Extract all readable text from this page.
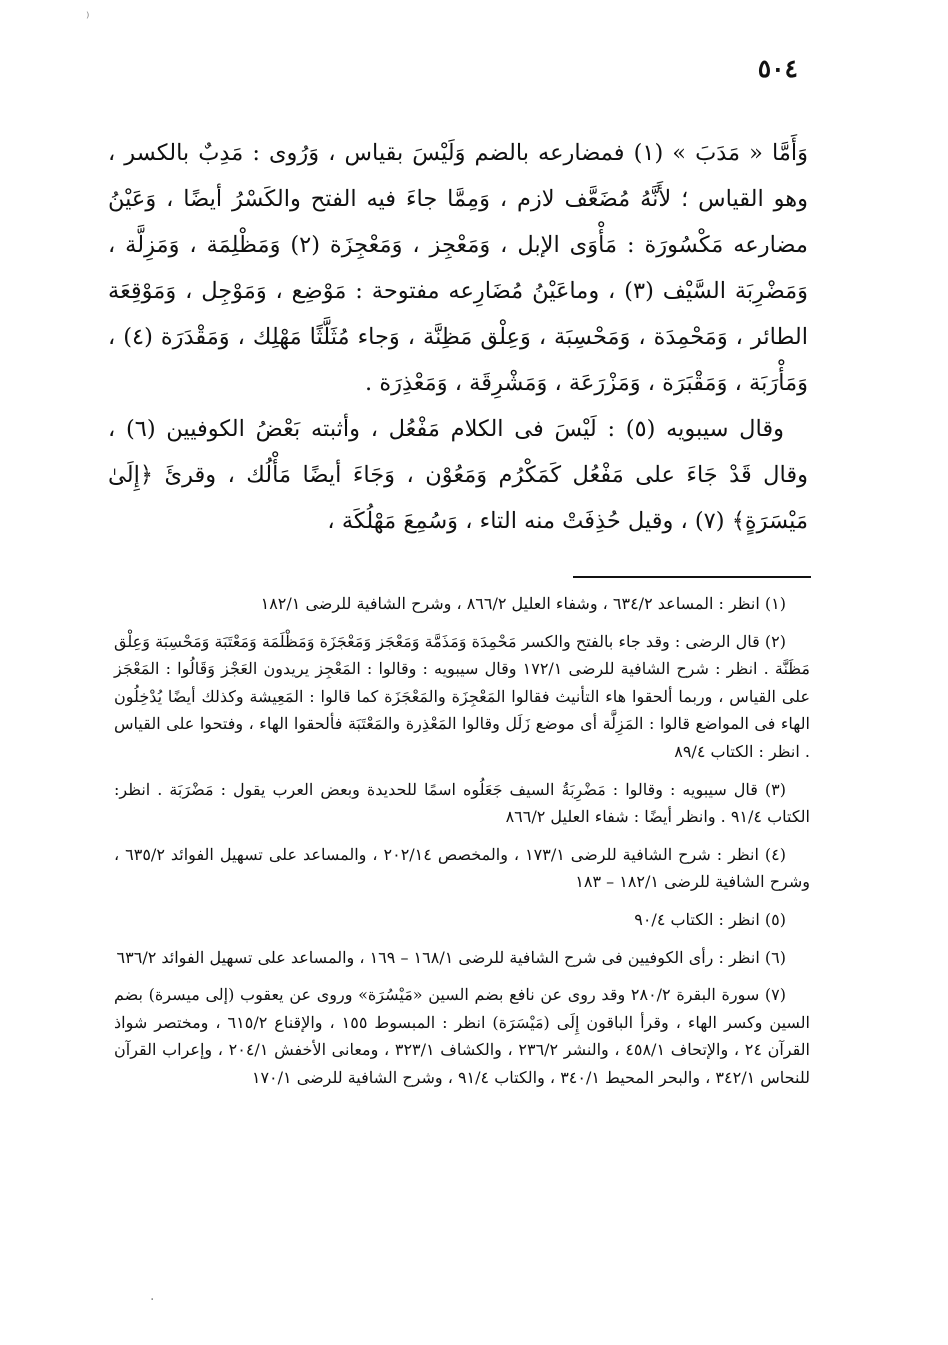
٥٠٤

وَأَمَّا « مَدَبَ » (١) فمضارعه بالضم وَلَيْسَ بقياس ، وَرُوى : مَدِبٌ بالكسر ، وهو القياس ؛ لأَنَّهُ مُضَعَّف لازم ، وَمِمَّا جاءَ فيه الفتح والكَسْرُ أيضًا ، وَعَيْنُ مضارعه مَكْسُورَة : مَأْوَى الإبل ، وَمَعْجِز ، وَمَعْجِزَة (٢) وَمَظْلِمَة ، وَمَزِلَّة ، وَمَضْرِبَة السَّيْف (٣) ، وماعَيْنُ مُضَارِعه مفتوحة : مَوْضِع ، وَمَوْجِل ، وَمَوْقِعَة الطائر ، وَمَحْمِدَة ، وَمَحْسِبَة ، وَعِلْق مَظِنَّة ، وَجاء مُثَلَّثًا مَهْلِك ، وَمَقْدَرَة (٤) ، وَمَأْرَبَة ، وَمَقْبَرَة ، وَمَزْرَعَة ، وَمَشْرِقَة ، وَمَعْذِرَة .

وقال سيبويه (٥) : لَيْسَ فى الكلام مَفْعُل ، وأثبته بَعْضُ الكوفيين (٦) ، وقال قَدْ جَاءَ على مَفْعُل كَمَكْرُم وَمَعُوْن ، وَجَاءَ أيضًا مَأْلُك ، وقرئَ ﴿إِلَىٰ مَيْسَرَةٍ﴾ (٧) ، وقيل حُذِفَتْ منه التاء ، وَسُمِعَ مَهْلُكَة ،

(١) انظر : المساعد ٦٣٤/٢ ، وشفاء العليل ٨٦٦/٢ ، وشرح الشافية للرضى ١٨٢/١

(٢) قال الرضى : وقد جاء بالفتح والكسر مَحْمِدَة وَمَذَمَّة وَمَعْجَز وَمَعْجَزَة وَمَظْلَمَة وَمَعْتَبَة وَمَحْسِبَة وَعِلْق مَظَنَّة . انظر : شرح الشافية للرضى ١٧٢/١ وقال سيبويه : وقالوا : المَعْجِز يريدون العَجْز وَقَالُوا : المَعْجَز على القياس ، وربما ألحقوا هاء التأنيث فقالوا المَعْجِزَة والمَعْجَزَة كما قالوا : المَعِيشة وكذلك أيضًا يُدْخِلُون الهاء فى المواضع قالوا : المَزِلَّة أى موضع زَلَل وقالوا المَعْذِرة والمَعْتَبَة فألحقوا الهاء ، وفتحوا على القياس . انظر : الكتاب ٨٩/٤

(٣) قال سيبويه : وقالوا : مَضْرِبَةُ السيف جَعَلُوه اسمًا للحديدة وبعض العرب يقول : مَضْرَبَة . انظر: الكتاب ٩١/٤ . وانظر أيضًا : شفاء العليل ٨٦٦/٢

(٤) انظر : شرح الشافية للرضى ١٧٣/١ ، والمخصص ٢٠٢/١٤ ، والمساعد على تسهيل الفوائد ٦٣٥/٢ ، وشرح الشافية للرضى ١٨٢/١ – ١٨٣

(٥) انظر : الكتاب ٩٠/٤

(٦) انظر : رأى الكوفيين فى شرح الشافية للرضى ١٦٨/١ – ١٦٩ ، والمساعد على تسهيل الفوائد ٦٣٦/٢

(٧) سورة البقرة ٢٨٠/٢ وقد روى عن نافع بضم السين «مَيْسُرَة» وروى عن يعقوب (إلى ميسرة) بضم السين وكسر الهاء ، وقرأ الباقون إِلَى (مَيْسَرَة) انظر : المبسوط ١٥٥ ، والإقناع ٦١٥/٢ ، ومختصر شواذ القرآن ٢٤ ، والإتحاف ٤٥٨/١ ، والنشر ٢٣٦/٢ ، والكشاف ٣٢٣/١ ، ومعانى الأخفش ٢٠٤/١ ، وإعراب القرآن للنحاس ٣٤٢/١ ، والبحر المحيط ٣٤٠/١ ، والكتاب ٩١/٤ ، وشرح الشافية للرضى ١٧٠/١

⁾
·
